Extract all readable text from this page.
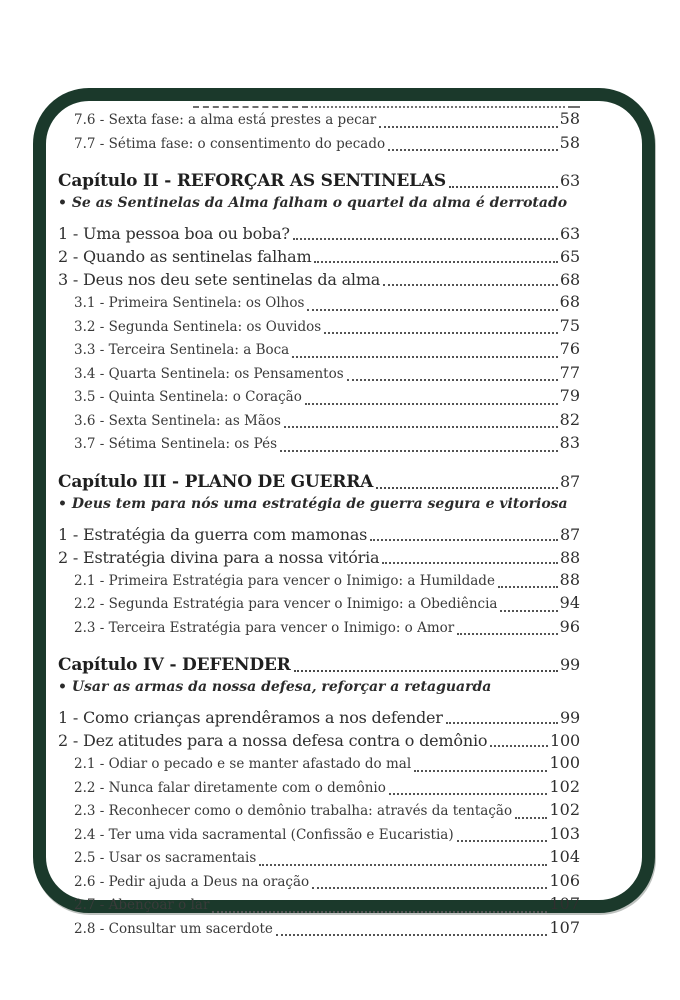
7.6 - Sexta fase: a alma está prestes a pecar	58
7.7 - Sétima fase: o consentimento do pecado	58
Capítulo II - REFORÇAR AS SENTINELAS	63
• Se as Sentinelas da Alma falham o quartel da alma é derrotado
1 - Uma pessoa boa ou boba?	63
2 - Quando as sentinelas falham	65
3 - Deus nos deu sete sentinelas da alma	68
3.1 - Primeira Sentinela: os Olhos	68
3.2 - Segunda Sentinela: os Ouvidos	75
3.3 - Terceira Sentinela: a Boca	76
3.4 - Quarta Sentinela: os Pensamentos	77
3.5 - Quinta Sentinela: o Coração	79
3.6 - Sexta Sentinela: as Mãos	82
3.7 - Sétima Sentinela: os Pés	83
Capítulo III - PLANO DE GUERRA	87
• Deus tem para nós uma estratégia de guerra segura e vitoriosa
1 - Estratégia da guerra com mamonas	87
2 - Estratégia divina para a nossa vitória	88
2.1 - Primeira Estratégia para vencer o Inimigo: a Humildade	88
2.2 - Segunda Estratégia para vencer o Inimigo: a Obediência	94
2.3 - Terceira Estratégia para vencer o Inimigo: o Amor	96
Capítulo IV - DEFENDER	99
• Usar as armas da nossa defesa, reforçar a retaguarda
1 - Como crianças aprendêramos a nos defender	99
2 - Dez atitudes para a nossa defesa contra o demônio	100
2.1 - Odiar o pecado e se manter afastado do mal	100
2.2 - Nunca falar diretamente com o demônio	102
2.3 - Reconhecer como o demônio trabalha: através da tentação 102
2.4 - Ter uma vida sacramental (Confissão e Eucaristia)	103
2.5 - Usar os sacramentais	104
2.6 - Pedir ajuda a Deus na oração	106
2.7 - Abençoar o lar	107
2.8 - Consultar um sacerdote	107
